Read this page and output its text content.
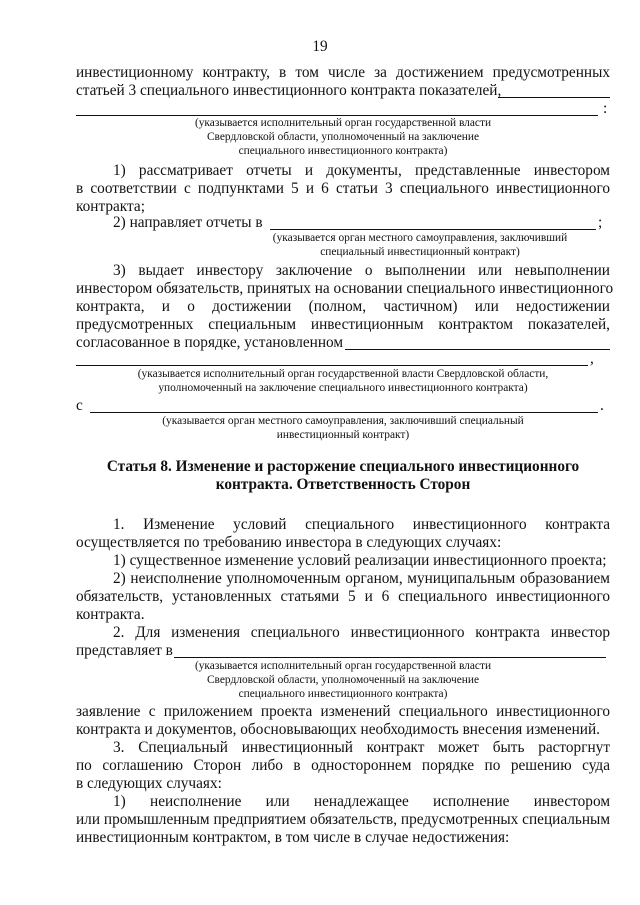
19
инвестиционному контракту, в том числе за достижением предусмотренных
статьей 3 специального инвестиционного контракта показателей,
:
(указывается исполнительный орган государственной власти
Свердловской области, уполномоченный на заключение
специального инвестиционного контракта)
1) рассматривает отчеты и документы, представленные инвестором
в соответствии с подпунктами 5 и 6 статьи 3 специального инвестиционного
контракта;
2) направляет отчеты в	;
(указывается орган местного самоуправления, заключивший
специальный инвестиционный контракт)
3) выдает инвестору заключение о выполнении или невыполнении
инвестором обязательств, принятых на основании специального инвестиционного
контракта, и о достижении (полном, частичном) или недостижении
предусмотренных специальным инвестиционным контрактом показателей,
согласованное в порядке, установленном
,
(указывается исполнительный орган государственной власти Свердловской области,
уполномоченный на заключение специального инвестиционного контракта)
с	.
(указывается орган местного самоуправления, заключивший специальный
инвестиционный контракт)
Статья 8. Изменение и расторжение специального инвестиционного
контракта. Ответственность Сторон
1. Изменение условий специального инвестиционного контракта
осуществляется по требованию инвестора в следующих случаях:
1) существенное изменение условий реализации инвестиционного проекта;
2) неисполнение уполномоченным органом, муниципальным образованием
обязательств, установленных статьями 5 и 6 специального инвестиционного
контракта.
2. Для изменения специального инвестиционного контракта инвестор
представляет в
(указывается исполнительный орган государственной власти
Свердловской области, уполномоченный на заключение
специального инвестиционного контракта)
заявление с приложением проекта изменений специального инвестиционного
контракта и документов, обосновывающих необходимость внесения изменений.
3. Специальный инвестиционный контракт может быть расторгнут
по соглашению Сторон либо в одностороннем порядке по решению суда
в следующих случаях:
1) неисполнение или ненадлежащее исполнение инвестором
или промышленным предприятием обязательств, предусмотренных специальным
инвестиционным контрактом, в том числе в случае недостижения:
